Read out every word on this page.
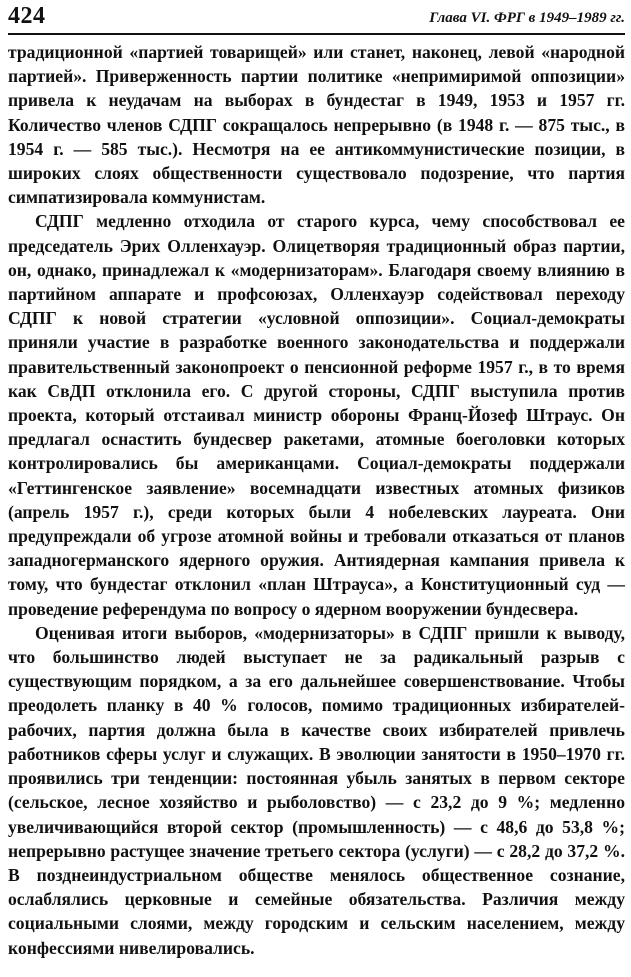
424	Глава VI. ФРГ в 1949–1989 гг.

традиционной «партией товарищей» или станет, наконец, левой «народной партией». Приверженность партии политике «непримиримой оппозиции» привела к неудачам на выборах в бундестаг в 1949, 1953 и 1957 гг. Количество членов СДПГ сокращалось непрерывно (в 1948 г. — 875 тыс., в 1954 г. — 585 тыс.). Несмотря на ее антикоммунистические позиции, в широких слоях общественности существовало подозрение, что партия симпатизировала коммунистам.

СДПГ медленно отходила от старого курса, чему способствовал ее председатель Эрих Олленхауэр. Олицетворяя традиционный образ партии, он, однако, принадлежал к «модернизаторам». Благодаря своему влиянию в партийном аппарате и профсоюзах, Олленхауэр содействовал переходу СДПГ к новой стратегии «условной оппозиции». Социал-демократы приняли участие в разработке военного законодательства и поддержали правительственный законопроект о пенсионной реформе 1957 г., в то время как СвДП отклонила его. С другой стороны, СДПГ выступила против проекта, который отстаивал министр обороны Франц-Йозеф Штраус. Он предлагал оснастить бундесвер ракетами, атомные боеголовки которых контролировались бы американцами. Социал-демократы поддержали «Геттингенское заявление» восемнадцати известных атомных физиков (апрель 1957 г.), среди которых были 4 нобелевских лауреата. Они предупреждали об угрозе атомной войны и требовали отказаться от планов западногерманского ядерного оружия. Антиядерная кампания привела к тому, что бундестаг отклонил «план Штрауса», а Конституционный суд — проведение референдума по вопросу о ядерном вооружении бундесвера.

Оценивая итоги выборов, «модернизаторы» в СДПГ пришли к выводу, что большинство людей выступает не за радикальный разрыв с существующим порядком, а за его дальнейшее совершенствование. Чтобы преодолеть планку в 40 % голосов, помимо традиционных избирателей-рабочих, партия должна была в качестве своих избирателей привлечь работников сферы услуг и служащих. В эволюции занятости в 1950–1970 гг. проявились три тенденции: постоянная убыль занятых в первом секторе (сельское, лесное хозяйство и рыболовство) — с 23,2 до 9 %; медленно увеличивающийся второй сектор (промышленность) — с 48,6 до 53,8 %; непрерывно растущее значение третьего сектора (услуги) — с 28,2 до 37,2 %. В позднеиндустриальном обществе менялось общественное сознание, ослаблялись церковные и семейные обязательства. Различия между социальными слоями, между городским и сельским населением, между конфессиями нивелировались.
